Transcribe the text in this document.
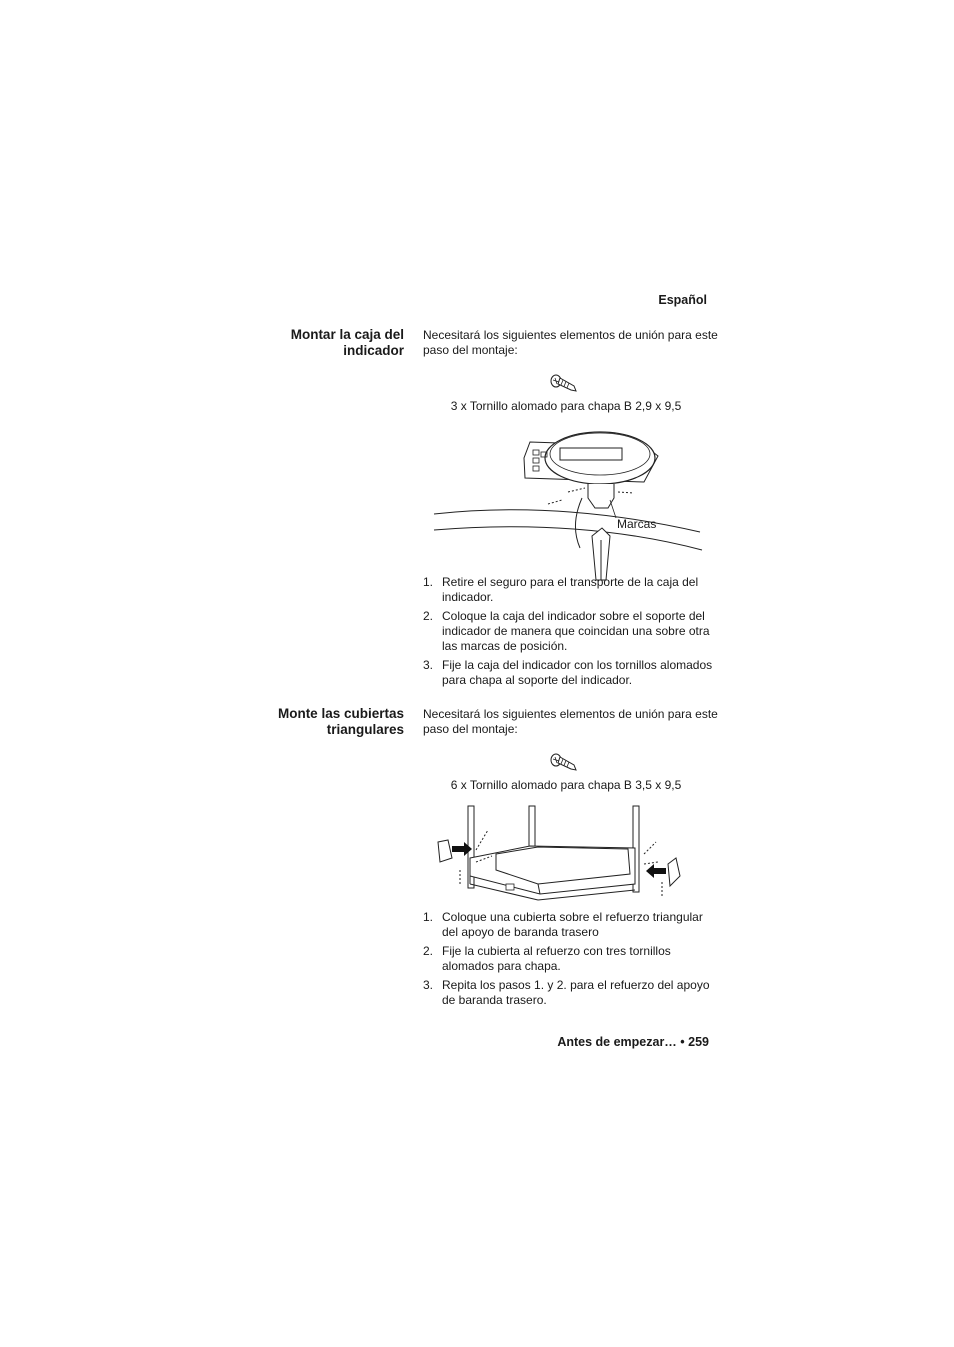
Español
Montar la caja del
indicador
Necesitará los siguientes elementos de unión para este paso del montaje:
3 x Tornillo alomado para chapa B 2,9 x 9,5
Marcas
1. Retire el seguro para el transporte de la caja del indicador.
2. Coloque la caja del indicador sobre el soporte del indicador de manera que coincidan una sobre otra las marcas de posición.
3. Fije la caja del indicador con los tornillos alomados para chapa al soporte del indicador.
Monte las cubiertas
triangulares
Necesitará los siguientes elementos de unión para este paso del montaje:
6 x Tornillo alomado para chapa B 3,5 x 9,5
1. Coloque una cubierta sobre el refuerzo triangular del apoyo de baranda trasero
2. Fije la cubierta al refuerzo con tres tornillos alomados para chapa.
3. Repita los pasos 1. y 2. para el refuerzo del apoyo de baranda trasero.
Antes de empezar… • 259
